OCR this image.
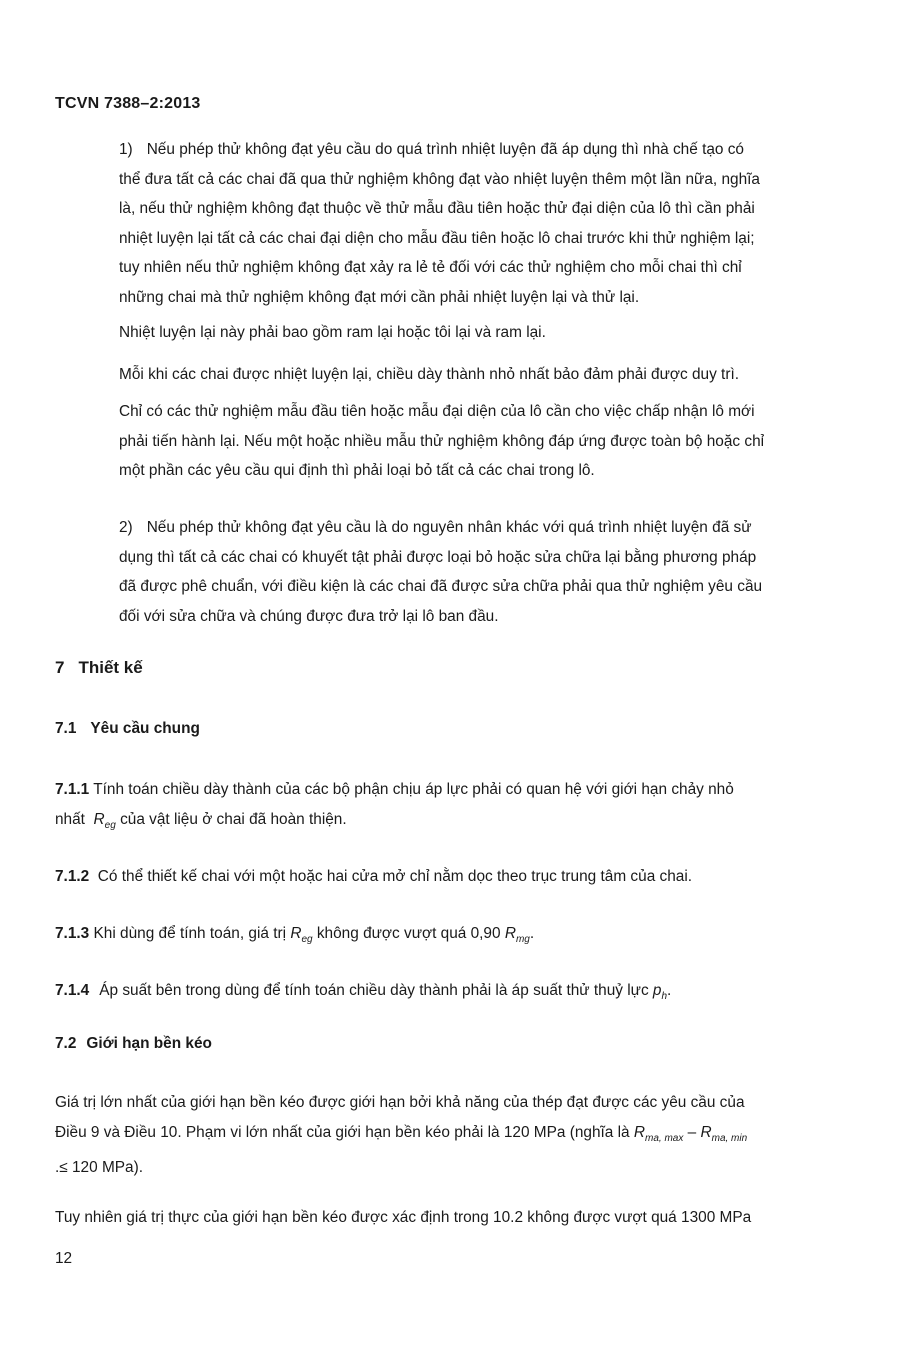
TCVN 7388–2:2013
1) Nếu phép thử không đạt yêu cầu do quá trình nhiệt luyện đã áp dụng thì nhà chế tạo có
thể đưa tất cả các chai đã qua thử nghiệm không đạt vào nhiệt luyện thêm một lần nữa, nghĩa
là, nếu thử nghiệm không đạt thuộc về thử mẫu đầu tiên hoặc thử đại diện của lô thì cần phải
nhiệt luyện lại tất cả các chai đại diện cho mẫu đầu tiên hoặc lô chai trước khi thử nghiệm lại;
tuy nhiên nếu thử nghiệm không đạt xảy ra lẻ tẻ đối với các thử nghiệm cho mỗi chai thì chỉ
những chai mà thử nghiệm không đạt mới cần phải nhiệt luyện lại và thử lại.
Nhiệt luyện lại này phải bao gồm ram lại hoặc tôi lại và ram lại.
Mỗi khi các chai được nhiệt luyện lại, chiều dày thành nhỏ nhất bảo đảm phải được duy trì.
Chỉ có các thử nghiệm mẫu đầu tiên hoặc mẫu đại diện của lô cần cho việc chấp nhận lô mới
phải tiến hành lại. Nếu một hoặc nhiều mẫu thử nghiệm không đáp ứng được toàn bộ hoặc chỉ
một phần các yêu cầu qui định thì phải loại bỏ tất cả các chai trong lô.
2) Nếu phép thử không đạt yêu cầu là do nguyên nhân khác với quá trình nhiệt luyện đã sử
dụng thì tất cả các chai có khuyết tật phải được loại bỏ hoặc sửa chữa lại bằng phương pháp
đã được phê chuẩn, với điều kiện là các chai đã được sửa chữa phải qua thử nghiệm yêu cầu
đối với sửa chữa và chúng được đưa trở lại lô ban đầu.
7 Thiết kế
7.1 Yêu cầu chung
7.1.1 Tính toán chiều dày thành của các bộ phận chịu áp lực phải có quan hệ với giới hạn chảy nhỏ
nhất $R_{eg}$ của vật liệu ở chai đã hoàn thiện.
7.1.2 Có thể thiết kế chai với một hoặc hai cửa mở chỉ nằm dọc theo trục trung tâm của chai.
7.1.3 Khi dùng để tính toán, giá trị $R_{eg}$ không được vượt quá 0,90 $R_{mg}$.
7.1.4 Áp suất bên trong dùng để tính toán chiều dày thành phải là áp suất thử thuỷ lực $p_h$.
7.2 Giới hạn bền kéo
Giá trị lớn nhất của giới hạn bền kéo được giới hạn bởi khả năng của thép đạt được các yêu cầu của
Điều 9 và Điều 10. Phạm vi lớn nhất của giới hạn bền kéo phải là 120 MPa (nghĩa là $R_{ma, max} - R_{ma, min}$
.≤ 120 MPa).
Tuy nhiên giá trị thực của giới hạn bền kéo được xác định trong 10.2 không được vượt quá 1300 MPa
12
